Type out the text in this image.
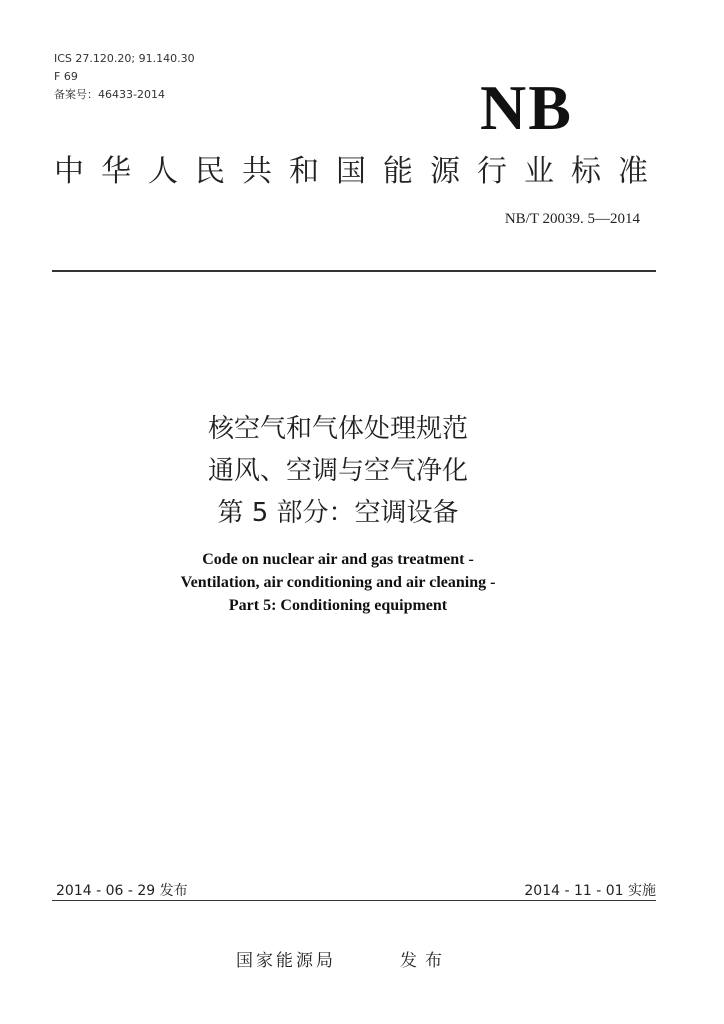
ICS 27.120.20; 91.140.30
F 69
备案号：46433-2014	NB
中华人民共和国能源行业标准
NB/T 20039. 5—2014
核空气和气体处理规范
通风、空调与空气净化
第 5 部分：空调设备
Code on nuclear air and gas treatment -
Ventilation, air conditioning and air cleaning -
Part 5: Conditioning equipment
2014 - 06 - 29 发布	2014 - 11 - 01 实施
国家能源局	发布
